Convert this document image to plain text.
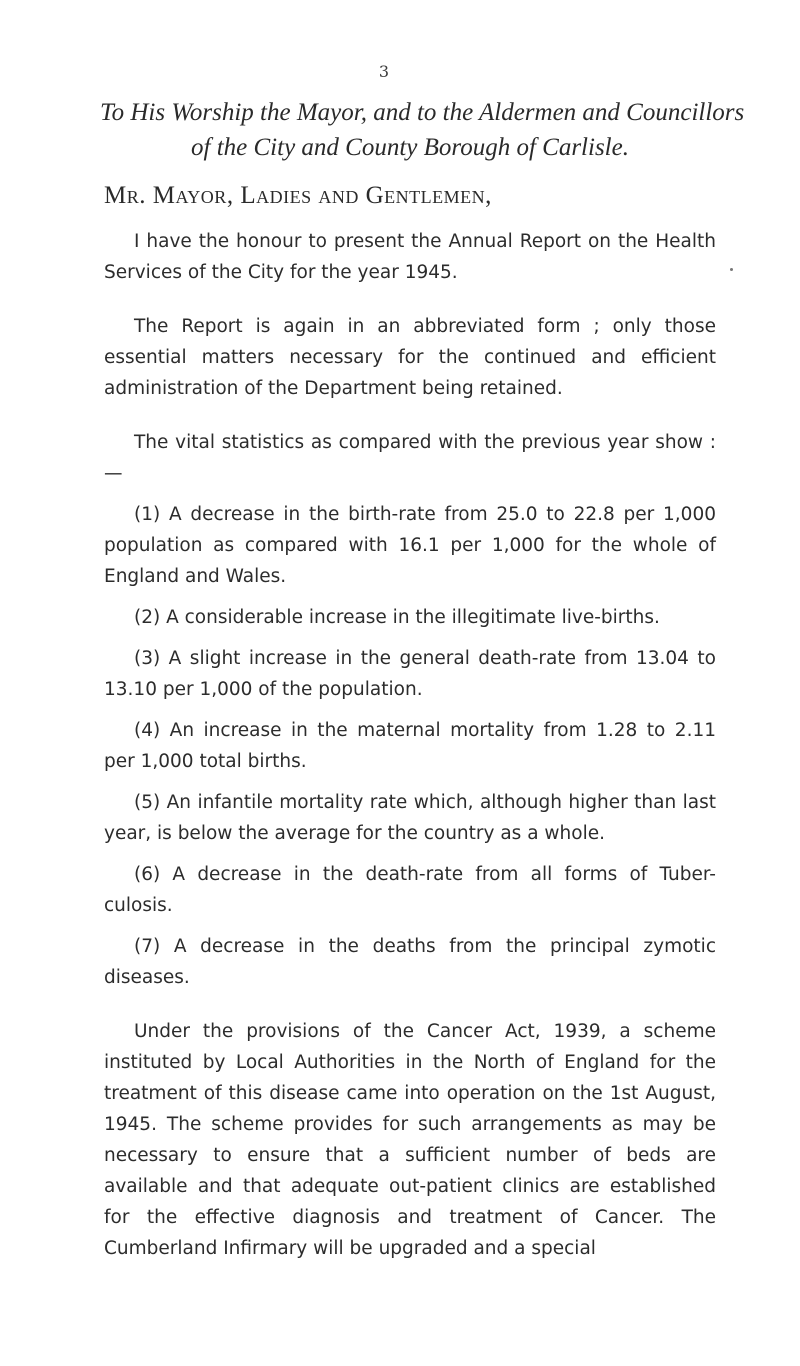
3
To His Worship the Mayor, and to the Aldermen and Councillors
of the City and County Borough of Carlisle.
Mr. Mayor, Ladies and Gentlemen,

I have the honour to present the Annual Report on the Health Services of the City for the year 1945.

The Report is again in an abbreviated form ; only those essential matters necessary for the continued and efficient administration of the Department being retained.

The vital statistics as compared with the previous year show :—

(1) A decrease in the birth-rate from 25.0 to 22.8 per 1,000 population as compared with 16.1 per 1,000 for the whole of England and Wales.

(2) A considerable increase in the illegitimate live-births.

(3) A slight increase in the general death-rate from 13.04 to 13.10 per 1,000 of the population.

(4) An increase in the maternal mortality from 1.28 to 2.11 per 1,000 total births.

(5) An infantile mortality rate which, although higher than last year, is below the average for the country as a whole.

(6) A decrease in the death-rate from all forms of Tuber-culosis.

(7) A decrease in the deaths from the principal zymotic diseases.

Under the provisions of the Cancer Act, 1939, a scheme instituted by Local Authorities in the North of England for the treatment of this disease came into operation on the 1st August, 1945. The scheme provides for such arrangements as may be necessary to ensure that a sufficient number of beds are available and that adequate out-patient clinics are established for the effective diagnosis and treatment of Cancer. The Cumberland Infirmary will be upgraded and a special
